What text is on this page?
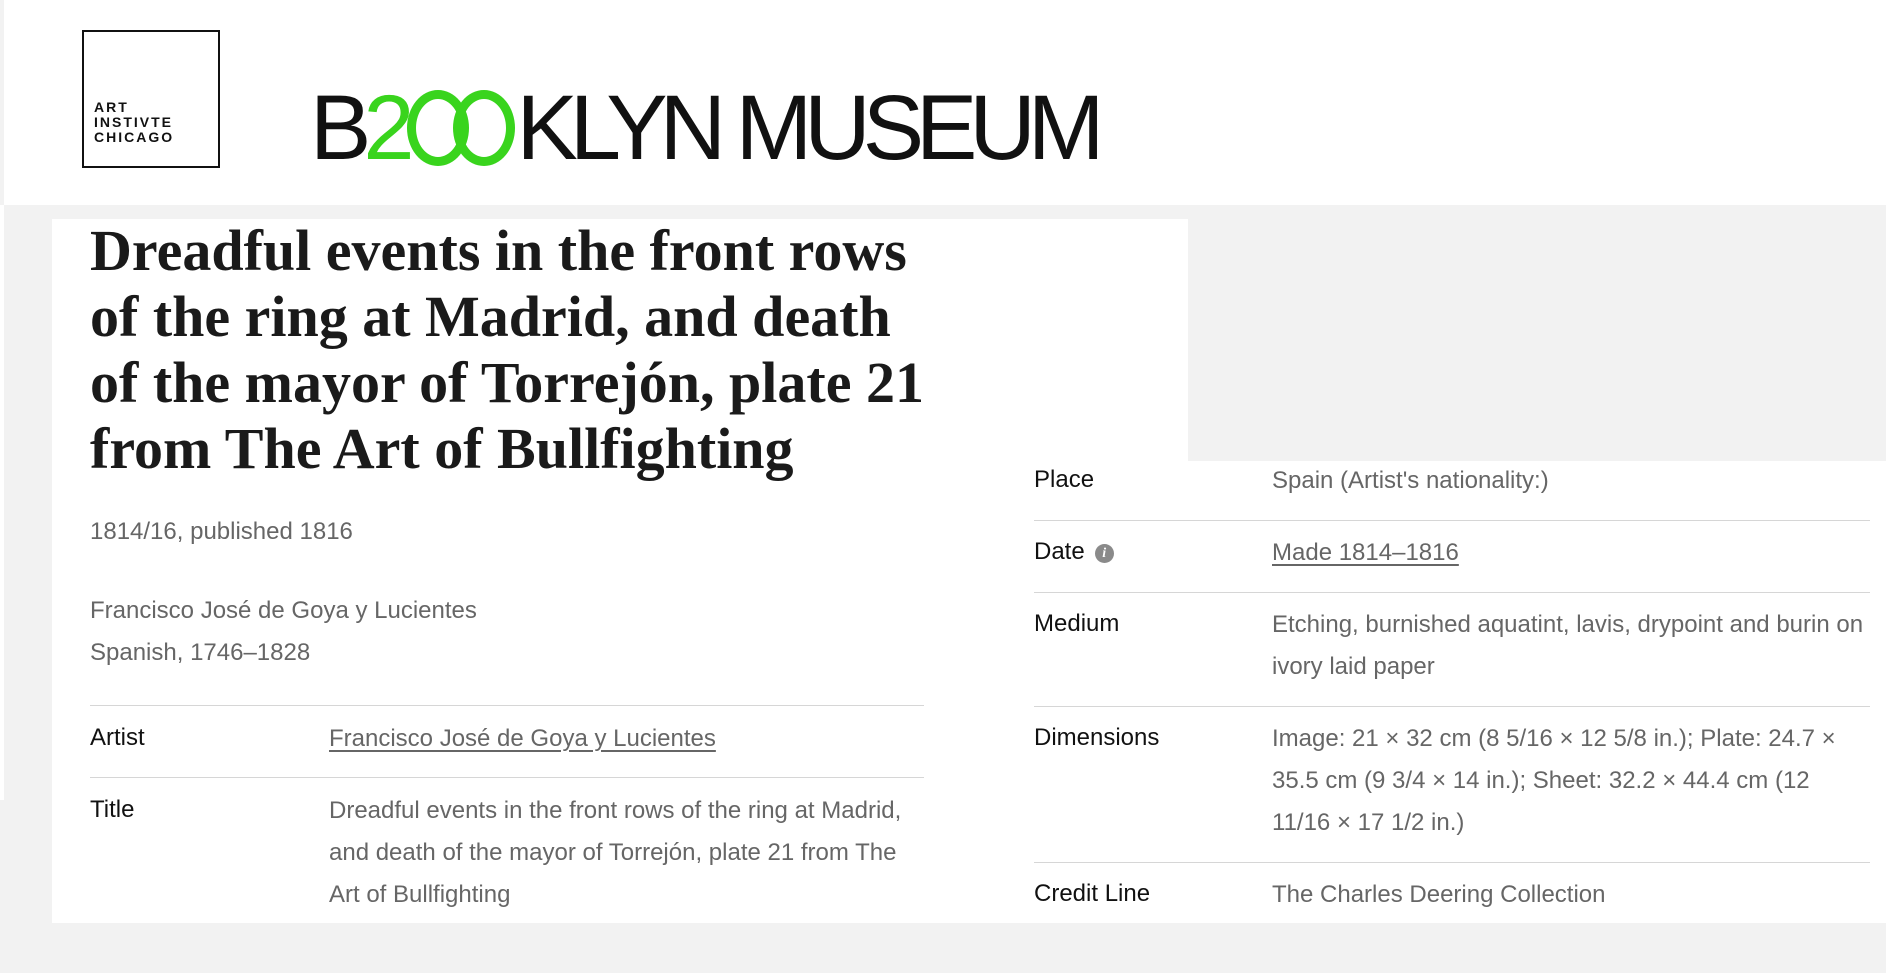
ART
INSTIVTE
CHICAGO B2 KLYN MUSEUM
Dreadful events in the front rows of the ring at Madrid, and death of the mayor of Torrejón, plate 21 from The Art of Bullfighting
1814/16, published 1816
Francisco José de Goya y Lucientes
Spanish, 1746–1828
Artist	Francisco José de Goya y Lucientes
Title	Dreadful events in the front rows of the ring at Madrid, and death of the mayor of Torrejón, plate 21 from The Art of Bullfighting
Place	Spain (Artist's nationality:)
Date i	Made 1814–1816
Medium	Etching, burnished aquatint, lavis, drypoint and burin on ivory laid paper
Dimensions	Image: 21 × 32 cm (8 5/16 × 12 5/8 in.); Plate: 24.7 × 35.5 cm (9 3/4 × 14 in.); Sheet: 32.2 × 44.4 cm (12 11/16 × 17 1/2 in.)
Credit Line	The Charles Deering Collection
